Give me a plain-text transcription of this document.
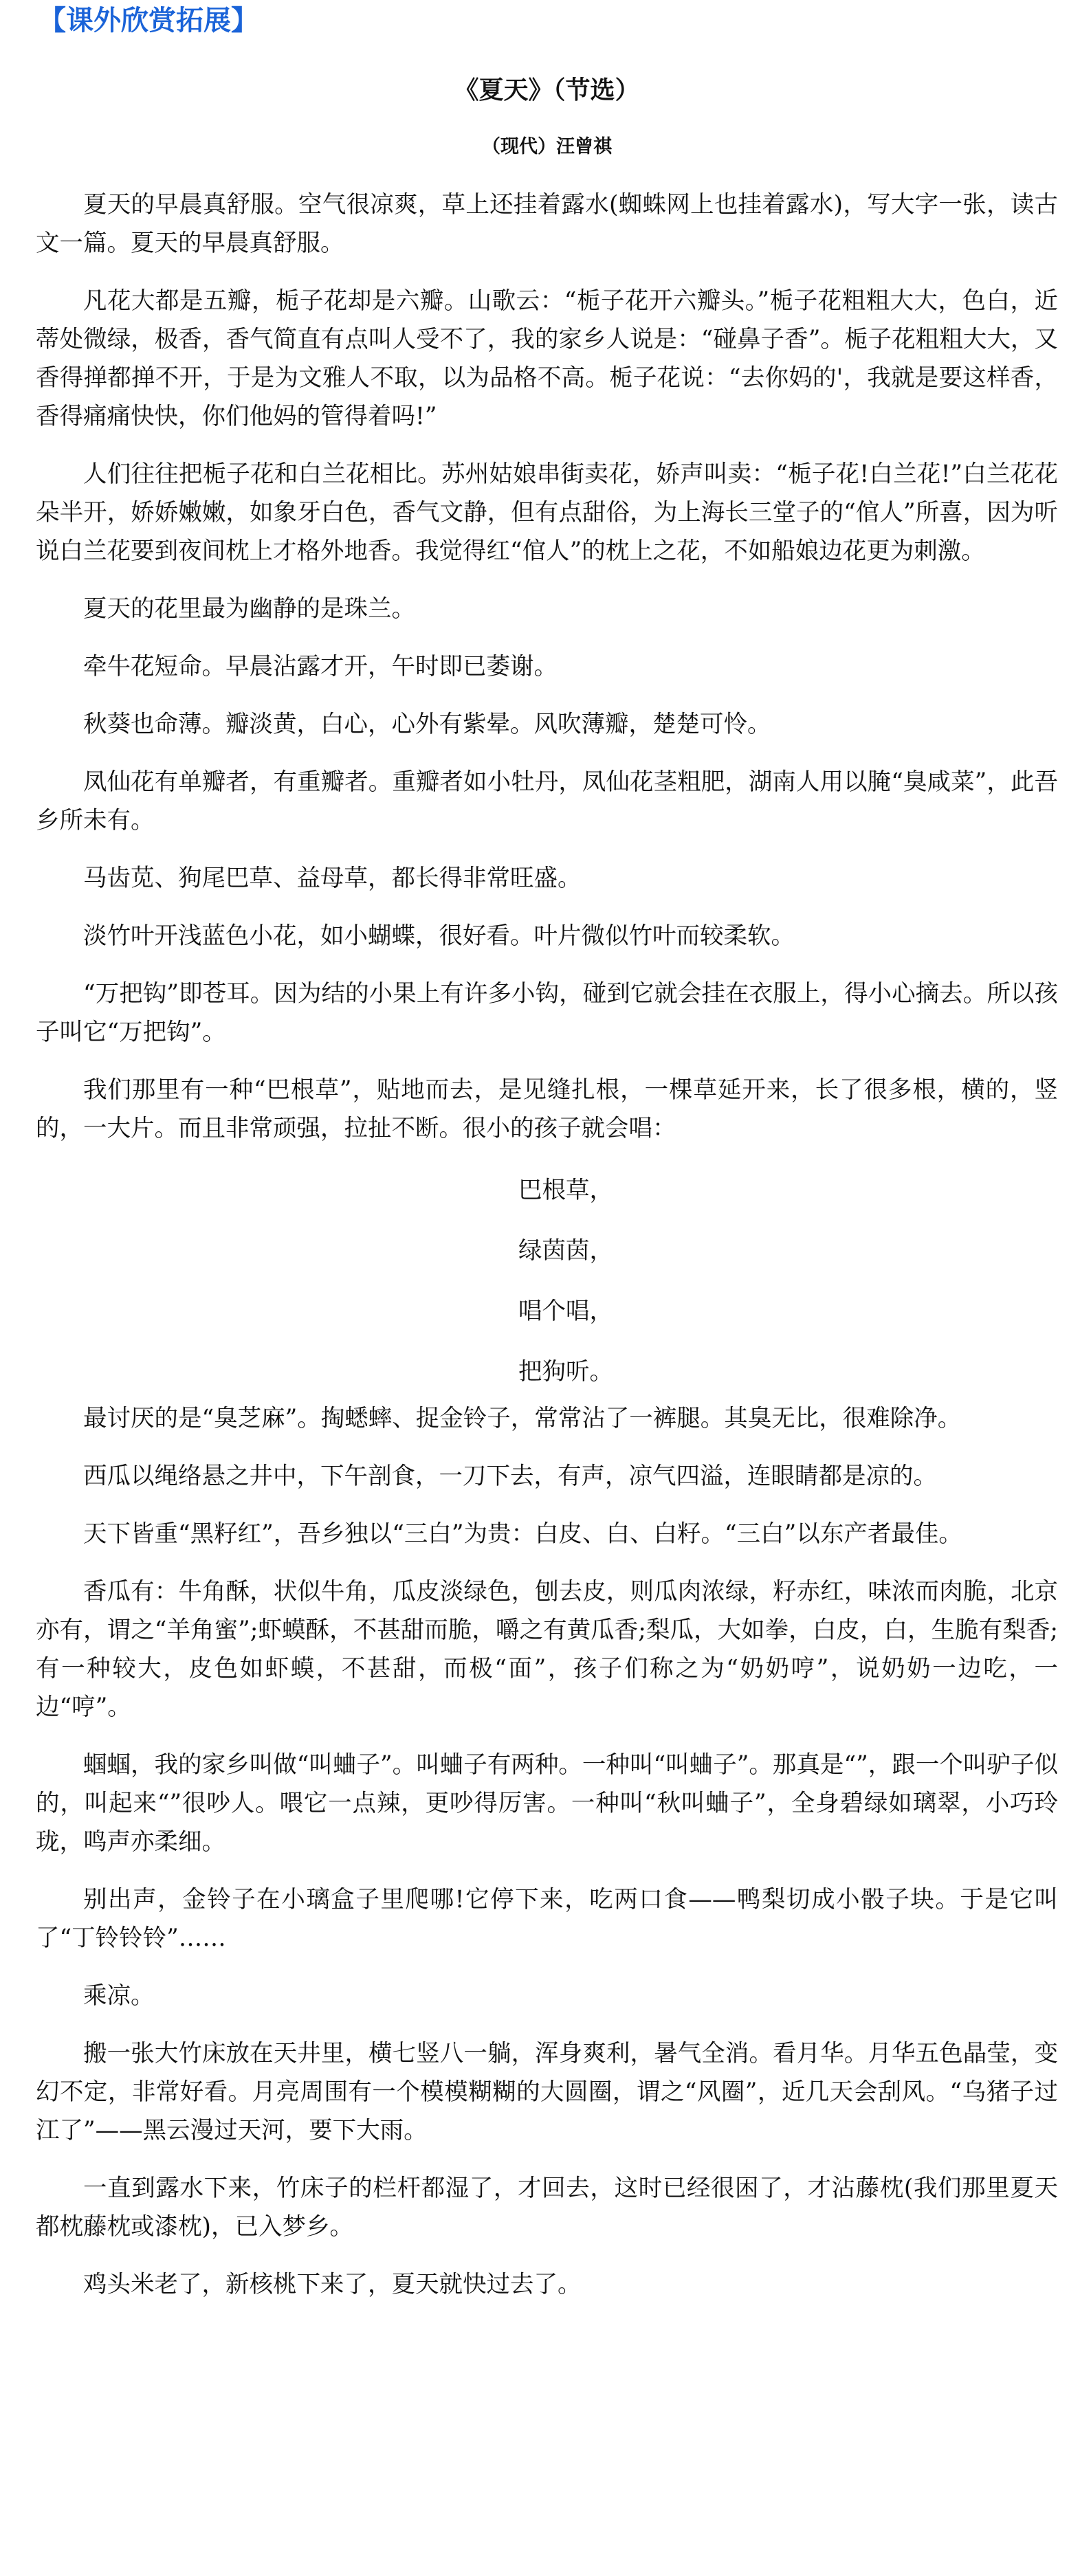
【课外欣赏拓展】
《夏天》（节选）
（现代）汪曾祺

夏天的早晨真舒服。空气很凉爽，草上还挂着露水(蜘蛛网上也挂着露水)，写大字一张，读古文一篇。夏天的早晨真舒服。

凡花大都是五瓣，栀子花却是六瓣。山歌云：“栀子花开六瓣头。”栀子花粗粗大大，色白，近蒂处微绿，极香，香气简直有点叫人受不了，我的家乡人说是：“碰鼻子香”。栀子花粗粗大大，又香得掸都掸不开，于是为文雅人不取，以为品格不高。栀子花说：“去你妈的'，我就是要这样香，香得痛痛快快，你们他妈的管得着吗!”

人们往往把栀子花和白兰花相比。苏州姑娘串街卖花，娇声叫卖：“栀子花!白兰花!”白兰花花朵半开，娇娇嫩嫩，如象牙白色，香气文静，但有点甜俗，为上海长三堂子的“倌人”所喜，因为听说白兰花要到夜间枕上才格外地香。我觉得红“倌人”的枕上之花，不如船娘边花更为刺激。

夏天的花里最为幽静的是珠兰。

牵牛花短命。早晨沾露才开，午时即已萎谢。

秋葵也命薄。瓣淡黄，白心，心外有紫晕。风吹薄瓣，楚楚可怜。

凤仙花有单瓣者，有重瓣者。重瓣者如小牡丹，凤仙花茎粗肥，湖南人用以腌“臭咸菜”，此吾乡所未有。

马齿苋、狗尾巴草、益母草，都长得非常旺盛。

淡竹叶开浅蓝色小花，如小蝴蝶，很好看。叶片微似竹叶而较柔软。

“万把钩”即苍耳。因为结的小果上有许多小钩，碰到它就会挂在衣服上，得小心摘去。所以孩子叫它“万把钩”。

我们那里有一种“巴根草”，贴地而去，是见缝扎根，一棵草延开来，长了很多根，横的，竖的，一大片。而且非常顽强，拉扯不断。很小的孩子就会唱：

巴根草，
绿茵茵，
唱个唱，
把狗听。

最讨厌的是“臭芝麻”。掏蟋蟀、捉金铃子，常常沾了一裤腿。其臭无比，很难除净。

西瓜以绳络悬之井中，下午剖食，一刀下去，有声，凉气四溢，连眼睛都是凉的。

天下皆重“黑籽红”，吾乡独以“三白”为贵：白皮、白、白籽。“三白”以东产者最佳。

香瓜有：牛角酥，状似牛角，瓜皮淡绿色，刨去皮，则瓜肉浓绿，籽赤红，味浓而肉脆，北京亦有，谓之“羊角蜜”;虾蟆酥，不甚甜而脆，嚼之有黄瓜香;梨瓜，大如拳，白皮，白，生脆有梨香;有一种较大，皮色如虾蟆，不甚甜，而极“面”，孩子们称之为“奶奶哼”，说奶奶一边吃，一边“哼”。

蝈蝈，我的家乡叫做“叫蛐子”。叫蛐子有两种。一种叫“叫蛐子”。那真是“”，跟一个叫驴子似的，叫起来“”很吵人。喂它一点辣，更吵得厉害。一种叫“秋叫蛐子”，全身碧绿如璃翠，小巧玲珑，鸣声亦柔细。

别出声，金铃子在小璃盒子里爬哪!它停下来，吃两口食——鸭梨切成小骰子块。于是它叫了“丁铃铃铃”……

乘凉。

搬一张大竹床放在天井里，横七竖八一躺，浑身爽利，暑气全消。看月华。月华五色晶莹，变幻不定，非常好看。月亮周围有一个模模糊糊的大圆圈，谓之“风圈”，近几天会刮风。“乌猪子过江了”——黑云漫过天河，要下大雨。

一直到露水下来，竹床子的栏杆都湿了，才回去，这时已经很困了，才沾藤枕(我们那里夏天都枕藤枕或漆枕)，已入梦乡。

鸡头米老了，新核桃下来了，夏天就快过去了。
